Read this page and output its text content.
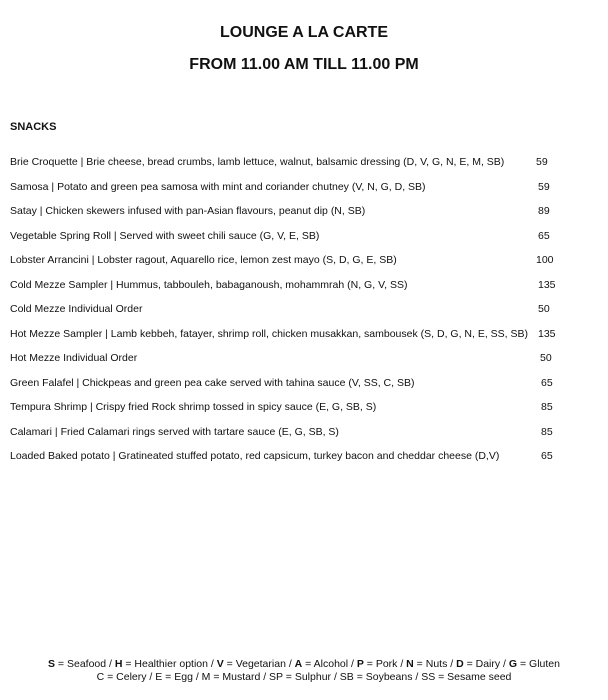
LOUNGE A LA CARTE
FROM 11.00 AM TILL 11.00 PM
SNACKS
Brie Croquette | Brie cheese, bread crumbs, lamb lettuce, walnut, balsamic dressing (D, V, G, N, E, M, SB)	59
Samosa | Potato and green pea samosa with mint and coriander chutney (V, N, G, D, SB)	59
Satay | Chicken skewers infused with pan-Asian flavours, peanut dip (N, SB)	89
Vegetable Spring Roll | Served with sweet chili sauce (G, V, E, SB)	65
Lobster Arrancini | Lobster ragout, Aquarello rice, lemon zest mayo (S, D, G, E, SB)	100
Cold Mezze Sampler | Hummus, tabbouleh, babaganoush, mohammrah (N, G, V, SS)	135
Cold Mezze Individual Order	50
Hot Mezze Sampler | Lamb kebbeh, fatayer, shrimp roll, chicken musakkan, sambousek (S, D, G, N, E, SS, SB) 135
Hot Mezze Individual Order	50
Green Falafel | Chickpeas and green pea cake served with tahina sauce (V, SS, C, SB)	65
Tempura Shrimp | Crispy fried Rock shrimp tossed in spicy sauce (E, G, SB, S)	85
Calamari | Fried Calamari rings served with tartare sauce (E, G, SB, S)	85
Loaded Baked potato | Gratineated stuffed potato, red capsicum, turkey bacon and cheddar cheese (D,V)	65
S = Seafood / H = Healthier option / V = Vegetarian / A = Alcohol / P = Pork / N = Nuts / D = Dairy / G = Gluten
C = Celery / E = Egg / M = Mustard / SP = Sulphur / SB = Soybeans / SS = Sesame seed
